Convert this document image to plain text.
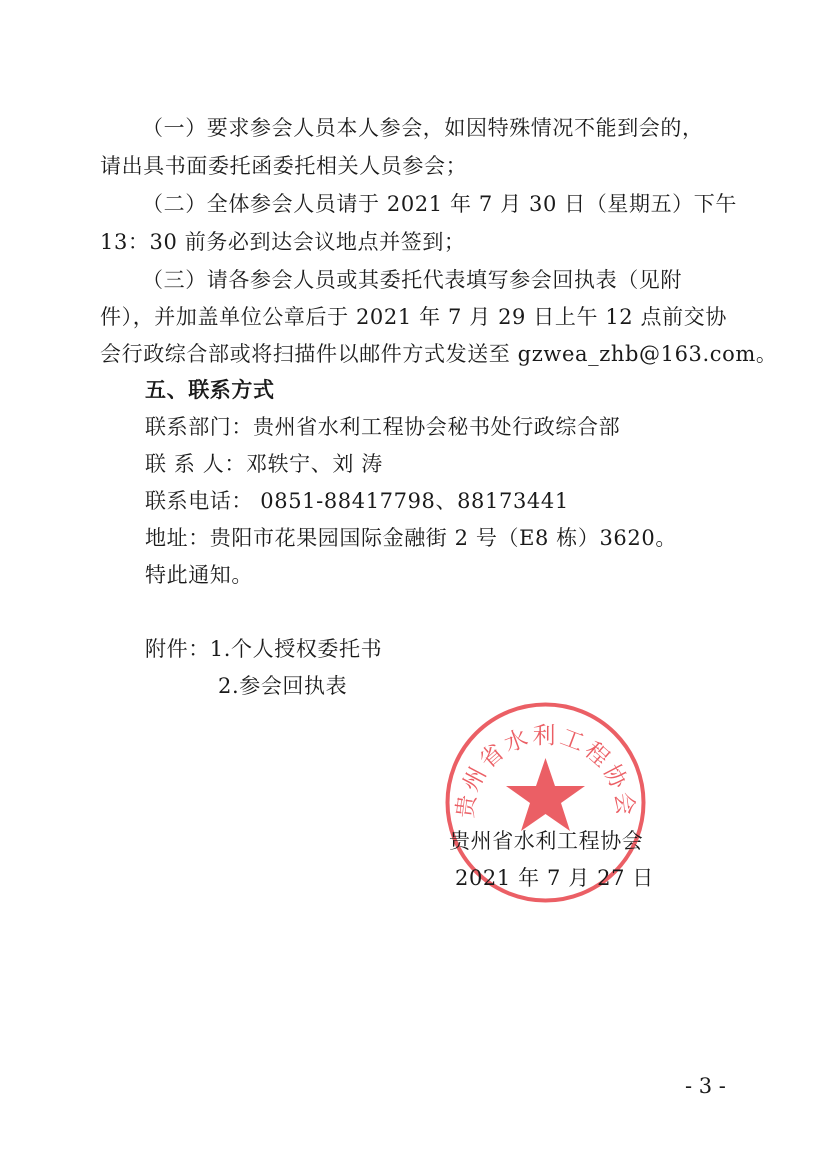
（一）要求参会人员本人参会，如因特殊情况不能到会的，
请出具书面委托函委托相关人员参会；
（二）全体参会人员请于 2021 年 7 月 30 日（星期五）下午
13：30 前务必到达会议地点并签到；
（三）请各参会人员或其委托代表填写参会回执表（见附
件），并加盖单位公章后于 2021 年 7 月 29 日上午 12 点前交协
会行政综合部或将扫描件以邮件方式发送至 gzwea_zhb@163.com。
五、联系方式
联系部门：贵州省水利工程协会秘书处行政综合部
联 系 人：邓轶宁、刘 涛
联系电话： 0851-88417798、88173441
地址：贵阳市花果园国际金融街 2 号（E8 栋）3620。
特此通知。
附件：1.个人授权委托书
2.参会回执表
贵州省水利工程协会
贵州省水利工程协会
2021 年 7 月 27 日
- 3 -
